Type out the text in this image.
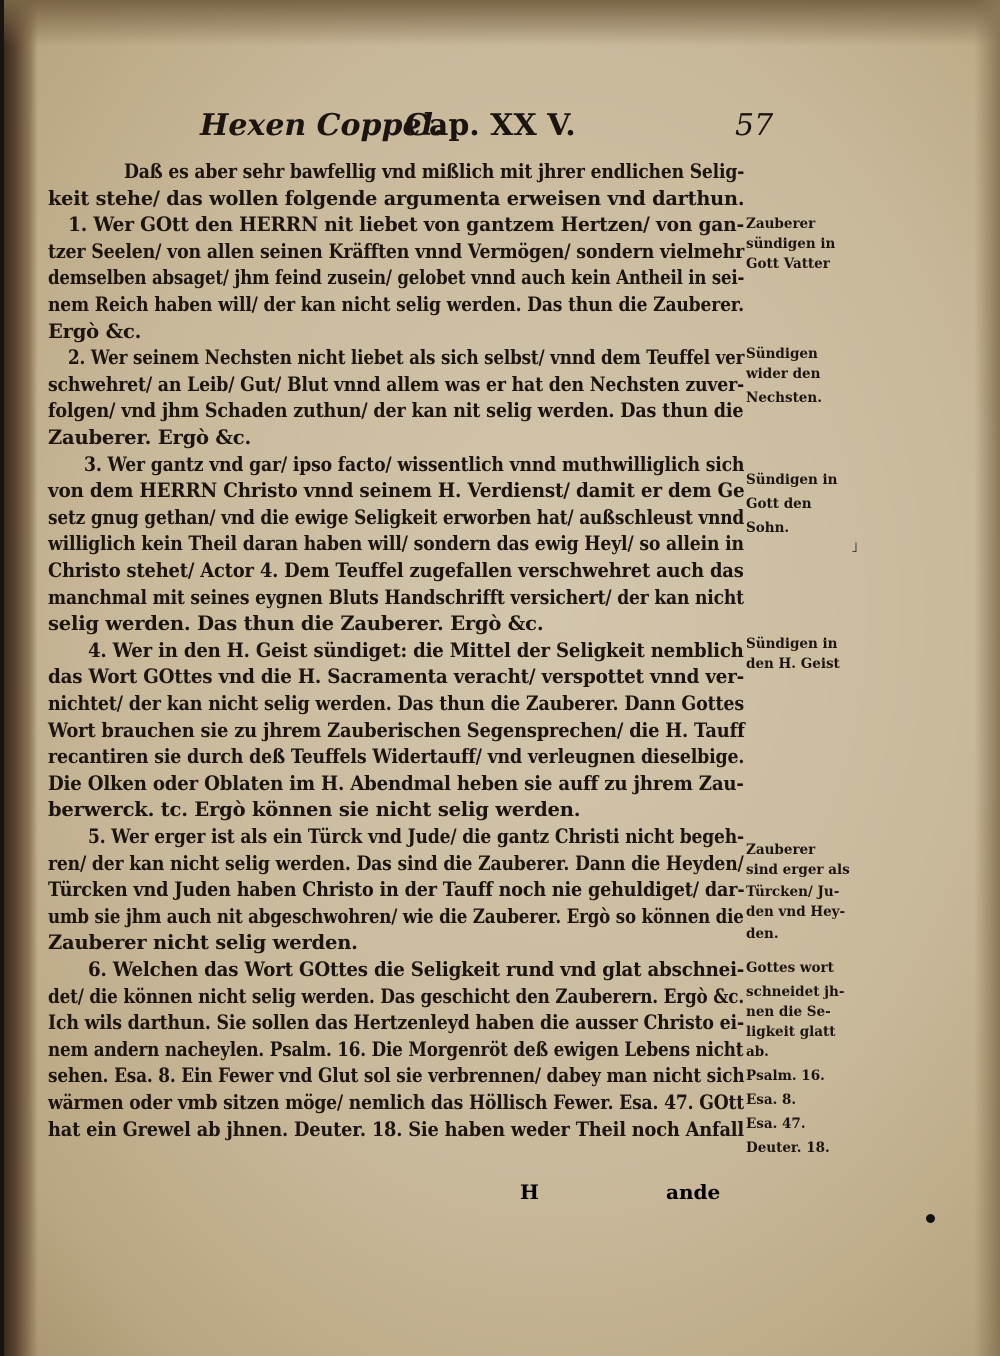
Hexen Coppel.Cap. XX V.	57
Daß es aber sehr bawfellig vnd mißlich mit jhrer endlichen Selig-
keit stehe/ das wollen folgende argumenta erweisen vnd darthun.
1. Wer GOtt den HERRN nit liebet von gantzem Hertzen/ von gan-
tzer Seelen/ von allen seinen Kräfften vnnd Vermögen/ sondern vielmehr
demselben absaget/ jhm feind zusein/ gelobet vnnd auch kein Antheil in sei-
nem Reich haben will/ der kan nicht selig werden. Das thun die Zauberer.
Ergò &c.
2. Wer seinem Nechsten nicht liebet als sich selbst/ vnnd dem Teuffel ver
schwehret/ an Leib/ Gut/ Blut vnnd allem was er hat den Nechsten zuver-
folgen/ vnd jhm Schaden zuthun/ der kan nit selig werden. Das thun die
Zauberer. Ergò &c.
3. Wer gantz vnd gar/ ipso facto/ wissentlich vnnd muthwilliglich sich
von dem HERRN Christo vnnd seinem H. Verdienst/ damit er dem Ge
setz gnug gethan/ vnd die ewige Seligkeit erworben hat/ außschleust vnnd
williglich kein Theil daran haben will/ sondern das ewig Heyl/ so allein in
Christo stehet/ Actor 4. Dem Teuffel zugefallen verschwehret auch das
manchmal mit seines eygnen Bluts Handschrifft versichert/ der kan nicht
selig werden. Das thun die Zauberer. Ergò &c.
4. Wer in den H. Geist sündiget: die Mittel der Seligkeit nemblich
das Wort GOttes vnd die H. Sacramenta veracht/ verspottet vnnd ver-
nichtet/ der kan nicht selig werden. Das thun die Zauberer. Dann Gottes
Wort brauchen sie zu jhrem Zauberischen Segensprechen/ die H. Tauff
recantiren sie durch deß Teuffels Widertauff/ vnd verleugnen dieselbige.
Die Olken oder Oblaten im H. Abendmal heben sie auff zu jhrem Zau-
berwerck. tc. Ergò können sie nicht selig werden.
5. Wer erger ist als ein Türck vnd Jude/ die gantz Christi nicht begeh-
ren/ der kan nicht selig werden. Das sind die Zauberer. Dann die Heyden/
Türcken vnd Juden haben Christo in der Tauff noch nie gehuldiget/ dar-
umb sie jhm auch nit abgeschwohren/ wie die Zauberer. Ergò so können die
Zauberer nicht selig werden.
6. Welchen das Wort GOttes die Seligkeit rund vnd glat abschnei-
det/ die können nicht selig werden. Das geschicht den Zauberern. Ergò &c.
Ich wils darthun. Sie sollen das Hertzenleyd haben die ausser Christo ei-
nem andern nacheylen. Psalm. 16. Die Morgenröt deß ewigen Lebens nicht
sehen. Esa. 8. Ein Fewer vnd Glut sol sie verbrennen/ dabey man nicht sich
wärmen oder vmb sitzen möge/ nemlich das Höllisch Fewer. Esa. 47. GOtt
hat ein Grewel ab jhnen. Deuter. 18. Sie haben weder Theil noch Anfall
Zauberer
sündigen in
Gott Vatter
Sündigen
wider den
Nechsten.
Sündigen in
Gott den
Sohn.
Sündigen in
den H. Geist
Zauberer
sind erger als
Türcken/ Ju-
den vnd Hey-
den.
Gottes wort
schneidet jh-
nen die Se-
ligkeit glatt
ab.
Psalm. 16.
Esa. 8.
Esa. 47.
Deuter. 18.
H	ande
˩
